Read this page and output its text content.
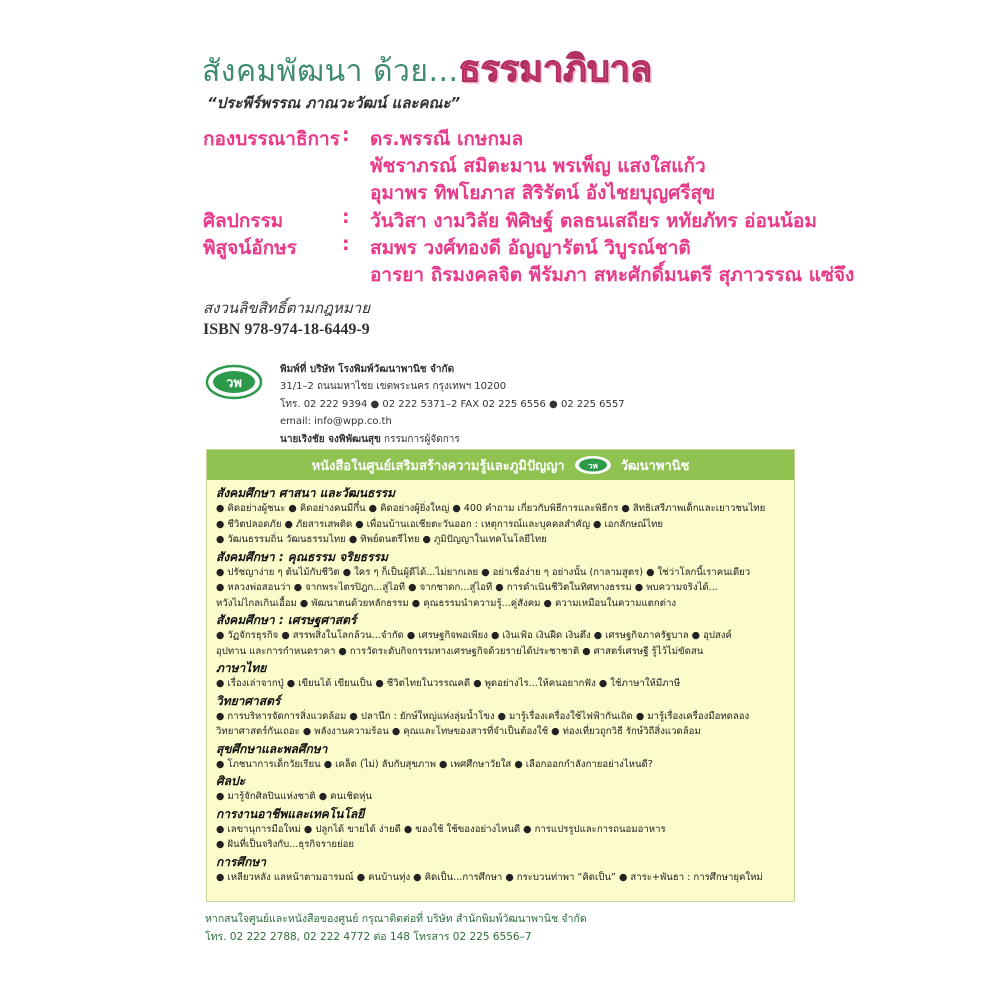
สังคมพัฒนา ด้วย...ธรรมาภิบาล
“ประพีร์พรรณ ภาณวะวัฒน์ และคณะ”
กองบรรณาธิการ : ดร.พรรณี เกษกมล
พัชราภรณ์ สมิตะมาน พรเพ็ญ แสงใสแก้ว
อุมาพร ทิพโยภาส สิริรัตน์ อังไชยบุญศรีสุข
ศิลปกรรม	: วันวิสา งามวิลัย พิศิษฐ์ ตลธนเสถียร หทัยภัทร อ่อนน้อม
พิสูจน์อักษร : สมพร วงศ์ทองดี อัญญารัตน์ วิบูรณ์ชาติ
อารยา ถิรมงคลจิต พีรัมภา สหะศักดิ์มนตรี สุภาวรรณ แซ่จึง
สงวนลิขสิทธิ์ตามกฎหมาย
ISBN 978-974-18-6449-9
วพ
พิมพ์ที่ บริษัท โรงพิมพ์วัฒนาพานิช จำกัด
31/1–2 ถนนมหาไชย เขตพระนคร กรุงเทพฯ 10200
โทร. 02 222 9394 ● 02 222 5371–2 FAX 02 225 6556 ● 02 225 6557
email: info@wpp.co.th
นายเริงชัย จงพิพัฒนสุข กรรมการผู้จัดการ
หนังสือในศูนย์เสริมสร้างความรู้และภูมิปัญญา	วพ วัฒนาพานิช
สังคมศึกษา ศาสนา และวัฒนธรรม
● คิดอย่างผู้ชนะ ● คิดอย่างคนมีกึ๋น ● คิดอย่างผู้ยิ่งใหญ่ ● 400 คำถาม เกี่ยวกับพิธีการและพิธีกร ● สิทธิเสรีภาพเด็กและเยาวชนไทย
● ชีวิตปลอดภัย ● ภัยสารเสพติด ● เพื่อนบ้านเอเชียตะวันออก : เหตุการณ์และบุคคลสำคัญ ● เอกลักษณ์ไทย
● วัฒนธรรมถิ่น วัฒนธรรมไทย ● ทิพย์ดนตรีไทย ● ภูมิปัญญาในเทคโนโลยีไทย
สังคมศึกษา : คุณธรรม จริยธรรม
● ปรัชญาง่าย ๆ ต้นไม้กับชีวิต ● ใคร ๆ ก็เป็นผู้ดีได้...ไม่ยากเลย ● อย่าเชื่อง่าย ๆ อย่างนั้น (กาลามสูตร) ● ใช่ว่าโลกนี้เราคนเดียว
● หลวงพ่อสอนว่า ● จากพระไตรปิฎก...สู่ไอที ● จากชาดก...สู่ไอที ● การดำเนินชีวิตในทิศทางธรรม ● พบความจริงได้...
หวังไม่ไกลเกินเอื้อม ● พัฒนาตนด้วยหลักธรรม ● คุณธรรมนำความรู้...คู่สังคม ● ความเหมือนในความแตกต่าง
สังคมศึกษา : เศรษฐศาสตร์
● วัฏจักรธุรกิจ ● สรรพสิ่งในโลกล้วน...จำกัด ● เศรษฐกิจพอเพียง ● เงินเฟ้อ เงินฝืด เงินตึง ● เศรษฐกิจภาครัฐบาล ● อุปสงค์
อุปทาน และการกำหนดราคา ● การวัดระดับกิจกรรมทางเศรษฐกิจด้วยรายได้ประชาชาติ ● ศาสตร์เศรษฐี รู้ไว้ไม่ขัดสน
ภาษาไทย
● เรื่องเล่าจากปู่ ● เขียนได้ เขียนเป็น ● ชีวิตไทยในวรรณคดี ● พูดอย่างไร...ให้คนอยากฟัง ● ใช้ภาษาให้มีภาษี
วิทยาศาสตร์
● การบริหารจัดการสิ่งแวดล้อม ● ปลานึก : ยักษ์ใหญ่แห่งลุ่มน้ำโขง ● มารู้เรื่องเครื่องใช้ไฟฟ้ากันเถิด ● มารู้เรื่องเครื่องมือทดลอง
วิทยาศาสตร์กันเถอะ ● พลังงานความร้อน ● คุณและโทษของสารที่จำเป็นต้องใช้ ● ท่องเที่ยวถูกวิธี รักษ์วิถีสิ่งแวดล้อม
สุขศึกษาและพลศึกษา
● โภชนาการเด็กวัยเรียน ● เคล็ด (ไม่) ลับกับสุขภาพ ● เพศศึกษาวัยใส ● เลือกออกกำลังกายอย่างไหนดี?
ศิลปะ
● มารู้จักศิลปินแห่งชาติ ● คนเชิดหุ่น
การงานอาชีพและเทคโนโลยี
● เลขานุการมือใหม่ ● ปลูกได้ ขายได้ ง่ายดี ● ของใช้ ใช้ของอย่างไหนดี ● การแปรรูปและการถนอมอาหาร
● ฝันที่เป็นจริงกับ...ธุรกิจรายย่อย
การศึกษา
● เหลียวหลัง แลหน้าตามอารมณ์ ● คนบ้านทุ่ง ● คิดเป็น...การศึกษา ● กระบวนท่าพา “คิดเป็น” ● สาระ+พันธา : การศึกษายุคใหม่
หากสนใจศูนย์และหนังสือของศูนย์ กรุณาติดต่อที่ บริษัท สำนักพิมพ์วัฒนาพานิช จำกัด
โทร. 02 222 2788, 02 222 4772 ต่อ 148 โทรสาร 02 225 6556–7
